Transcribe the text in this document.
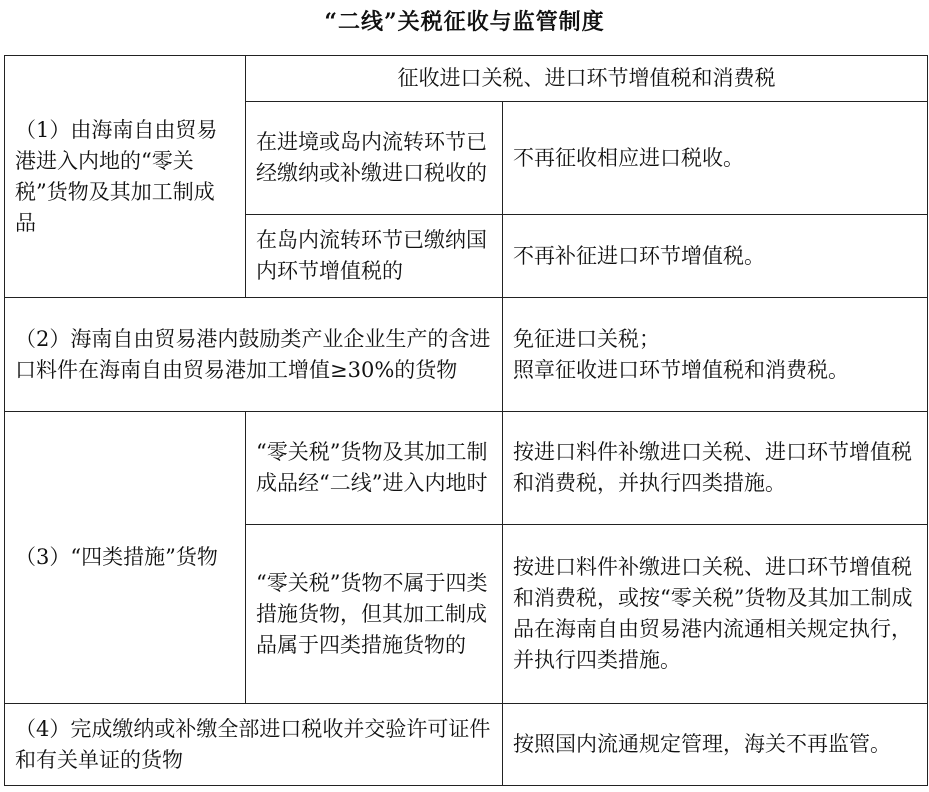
“二线”关税征收与监管制度
（1）由海南自由贸易港进入内地的“零关税”货物及其加工制成品	征收进口关税、进口环节增值税和消费税	

	在进境或岛内流转环节已经缴纳或补缴进口税收的	不再征收相应进口税收。

	在岛内流转环节已缴纳国内环节增值税的	不再补征进口环节增值税。

（2）海南自由贸易港内鼓励类产业企业生产的含进口料件在海南自由贸易港加工增值≥30%的货物		免征进口关税；
照章征收进口环节增值税和消费税。

（3）“四类措施”货物	“零关税”货物及其加工制成品经“二线”进入内地时	按进口料件补缴进口关税、进口环节增值税和消费税，并执行四类措施。

	“零关税”货物不属于四类措施货物，但其加工制成品属于四类措施货物的	按进口料件补缴进口关税、进口环节增值税和消费税，或按“零关税”货物及其加工制成品在海南自由贸易港内流通相关规定执行，并执行四类措施。

（4）完成缴纳或补缴全部进口税收并交验许可证件和有关单证的货物		按照国内流通规定管理，海关不再监管。
